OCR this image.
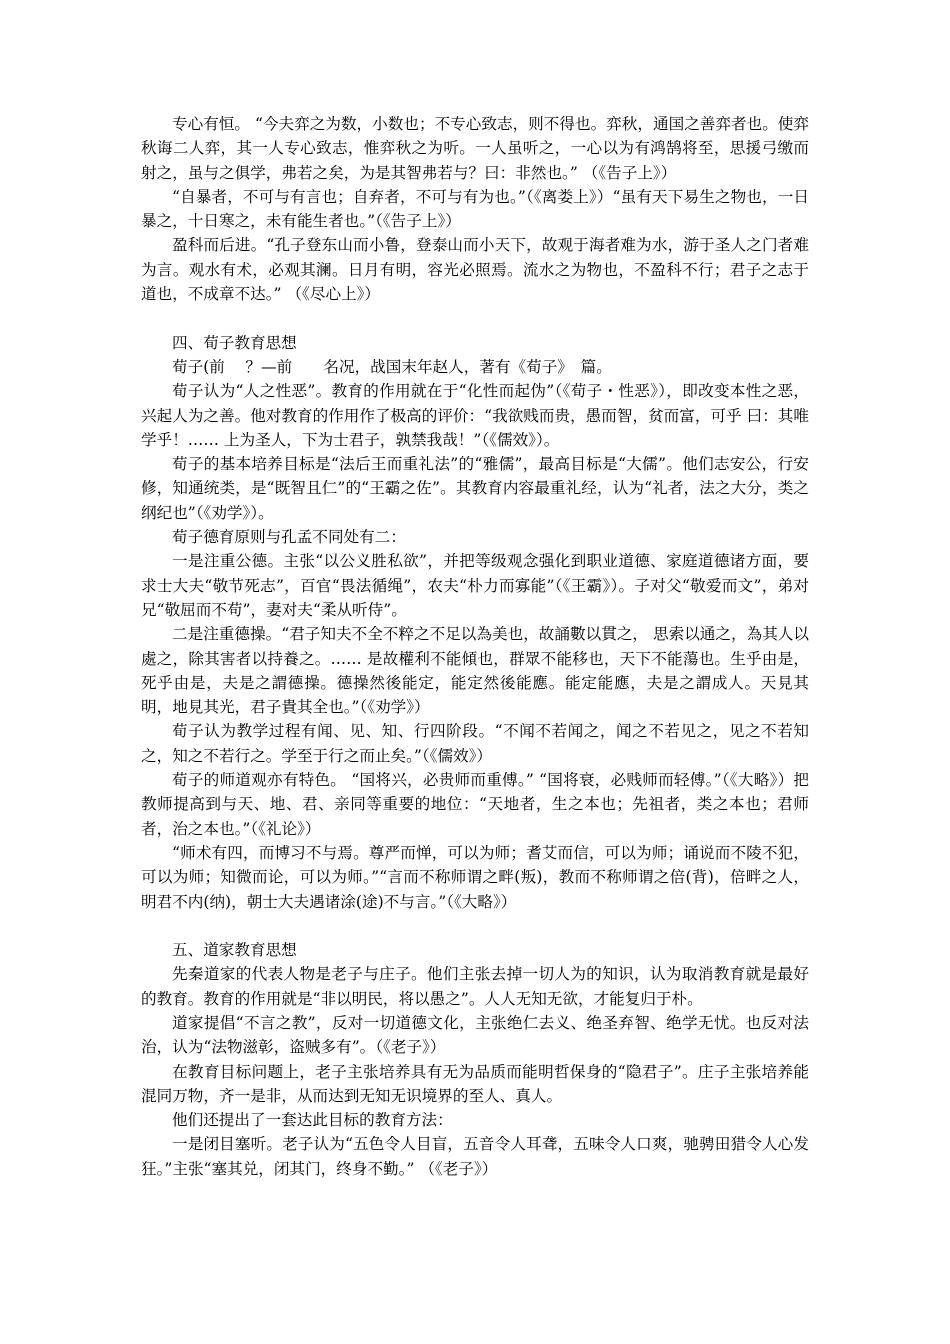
专心有恒。 “今夫弈之为数，小数也；不专心致志，则不得也。弈秋，通国之善弈者也。使弈秋诲二人弈，其一人专心致志，惟弈秋之为听。一人虽听之，一心以为有鸿鹄将至，思援弓缴而射之，虽与之俱学，弗若之矣，为是其智弗若与？曰：非然也。” （《告子上》）

“自暴者，不可与有言也；自弃者，不可与有为也。”（《离娄上》）“虽有天下易生之物也，一日暴之，十日寒之，未有能生者也。”（《告子上》）

盈科而后进。“孔子登东山而小鲁，登泰山而小天下，故观于海者难为水，游于圣人之门者难为言。观水有术，必观其澜。日月有明，容光必照焉。流水之为物也，不盈科不行；君子之志于道也，不成章不达。” （《尽心上》）

四、荀子教育思想

荀子(前　 ？—前　　名况，战国末年赵人，著有《荀子》　篇。

荀子认为“人之性恶”。教育的作用就在于“化性而起伪”（《荀子・性恶》），即改变本性之恶，兴起人为之善。他对教育的作用作了极高的评价：“我欲贱而贵，愚而智，贫而富，可乎 曰：其唯学乎！…… 上为圣人，下为士君子，孰禁我哉！”（《儒效》）。

荀子的基本培养目标是“法后王而重礼法”的“雅儒”，最高目标是“大儒”。他们志安公，行安修，知通统类，是“既智且仁”的“王霸之佐”。其教育内容最重礼经，认为“礼者，法之大分，类之纲纪也”（《劝学》）。

荀子德育原则与孔孟不同处有二：

一是注重公德。主张“以公义胜私欲”，并把等级观念强化到职业道德、家庭道德诸方面，要求士大夫“敬节死志”，百官“畏法循绳”，农夫“朴力而寡能”（《王霸》）。子对父“敬爱而文”，弟对兄“敬屈而不苟”，妻对夫“柔从听侍”。

二是注重德操。“君子知夫不全不粹之不足以為美也，故誦數以貫之， 思索以通之，為其人以處之，除其害者以持養之。…… 是故權利不能傾也，群眾不能移也，天下不能蕩也。生乎由是，死乎由是，夫是之謂德操。德操然後能定，能定然後能應。能定能應，夫是之謂成人。天見其明，地見其光，君子貴其全也。”（《劝学》）

荀子认为教学过程有闻、见、知、行四阶段。“不闻不若闻之，闻之不若见之，见之不若知之，知之不若行之。学至于行之而止矣。”（《儒效》）

荀子的师道观亦有特色。 “国将兴，必贵师而重傅。” “国将衰，必贱师而轻傅。”（《大略》）把教师提高到与天、地、君、亲同等重要的地位：“天地者，生之本也；先祖者，类之本也；君师者，治之本也。”（《礼论》）

“师术有四，而博习不与焉。尊严而惮，可以为师；耆艾而信，可以为师；诵说而不陵不犯，可以为师；知微而论，可以为师。”“言而不称师谓之畔(叛)，教而不称师谓之倍(背)，倍畔之人，明君不内(纳)，朝士大夫遇诸涂(途)不与言。”（《大略》）

五、道家教育思想

先秦道家的代表人物是老子与庄子。他们主张去掉一切人为的知识，认为取消教育就是最好的教育。教育的作用就是“非以明民，将以愚之”。人人无知无欲，才能复归于朴。

道家提倡“不言之教”，反对一切道德文化，主张绝仁去义、绝圣弃智、绝学无忧。也反对法治，认为“法物滋彰，盗贼多有”。（《老子》）

在教育目标问题上，老子主张培养具有无为品质而能明哲保身的“隐君子”。庄子主张培养能混同万物，齐一是非，从而达到无知无识境界的至人、真人。

他们还提出了一套达此目标的教育方法：

一是闭目塞听。老子认为“五色令人目盲，五音令人耳聋，五味令人口爽，驰骋田猎令人心发狂。”主张“塞其兑，闭其门，终身不勤。” （《老子》）
